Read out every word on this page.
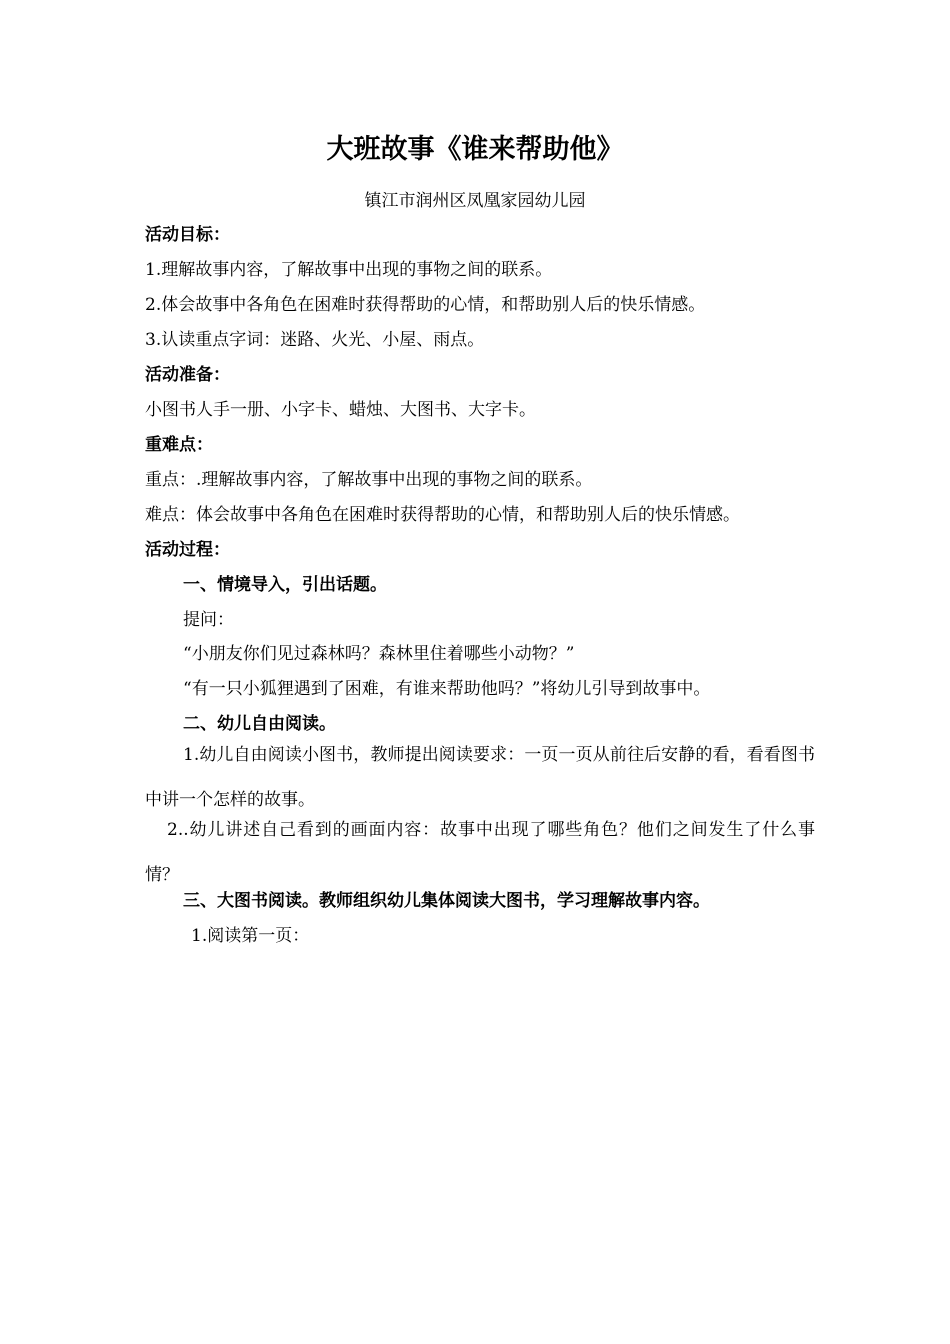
大班故事《谁来帮助他》
镇江市润州区凤凰家园幼儿园
活动目标：
1.理解故事内容，了解故事中出现的事物之间的联系。
2.体会故事中各角色在困难时获得帮助的心情，和帮助别人后的快乐情感。
3.认读重点字词：迷路、火光、小屋、雨点。
活动准备：
小图书人手一册、小字卡、蜡烛、大图书、大字卡。
重难点：
重点：.理解故事内容，了解故事中出现的事物之间的联系。
难点：体会故事中各角色在困难时获得帮助的心情，和帮助别人后的快乐情感。
活动过程：
一、情境导入，引出话题。
提问：
“小朋友你们见过森林吗？森林里住着哪些小动物？”
“有一只小狐狸遇到了困难，有谁来帮助他吗？”将幼儿引导到故事中。
二、幼儿自由阅读。
1.幼儿自由阅读小图书，教师提出阅读要求：一页一页从前往后安静的看，看看图书中讲一个怎样的故事。
2..幼儿讲述自己看到的画面内容：故事中出现了哪些角色？他们之间发生了什么事情？
三、大图书阅读。教师组织幼儿集体阅读大图书，学习理解故事内容。
1.阅读第一页：
